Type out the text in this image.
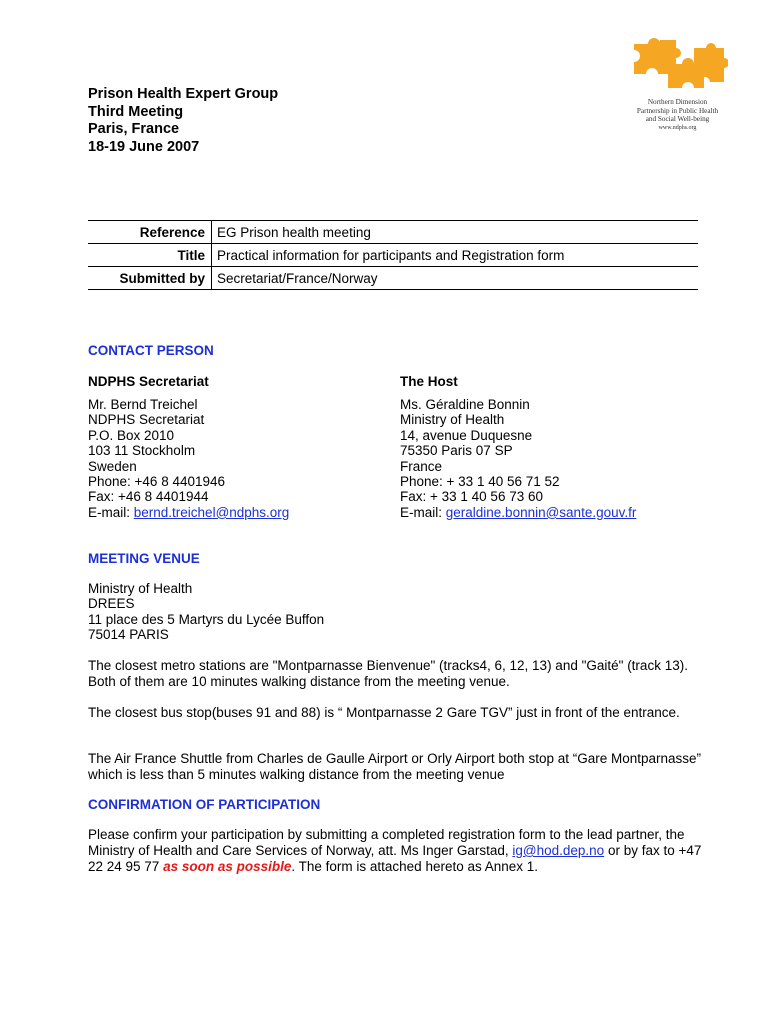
Prison Health Expert Group
Third Meeting
Paris, France
18-19 June 2007
Northern Dimension
Partnership in Public Health
and Social Well-being
www.ndphs.org
Reference	EG Prison health meeting
Title	Practical information for participants and Registration form
Submitted by	Secretariat/France/Norway
CONTACT PERSON
NDPHS Secretariat
Mr. Bernd Treichel
NDPHS Secretariat
P.O. Box 2010
103 11 Stockholm
Sweden
Phone: +46 8 4401946
Fax: +46 8 4401944
E-mail: bernd.treichel@ndphs.org
The Host
Ms. Géraldine Bonnin
Ministry of Health
14, avenue Duquesne
75350 Paris 07 SP
France
Phone: + 33 1 40 56 71 52
Fax: + 33 1 40 56 73 60
E-mail: geraldine.bonnin@sante.gouv.fr
MEETING VENUE
Ministry of Health
DREES
11 place des 5 Martyrs du Lycée Buffon
75014 PARIS
The closest metro stations are "Montparnasse Bienvenue" (tracks4, 6, 12, 13) and "Gaité" (track 13). Both of them are 10 minutes walking distance from the meeting venue.
The closest bus stop(buses 91 and 88) is “ Montparnasse 2 Gare TGV” just in front of the entrance.
The Air France Shuttle from Charles de Gaulle Airport or Orly Airport both stop at “Gare Montparnasse” which is less than 5 minutes walking distance from the meeting venue
CONFIRMATION OF PARTICIPATION
Please confirm your participation by submitting a completed registration form to the lead partner, the Ministry of Health and Care Services of Norway, att. Ms Inger Garstad, ig@hod.dep.no or by fax to +47 22 24 95 77 as soon as possible. The form is attached hereto as Annex 1.
